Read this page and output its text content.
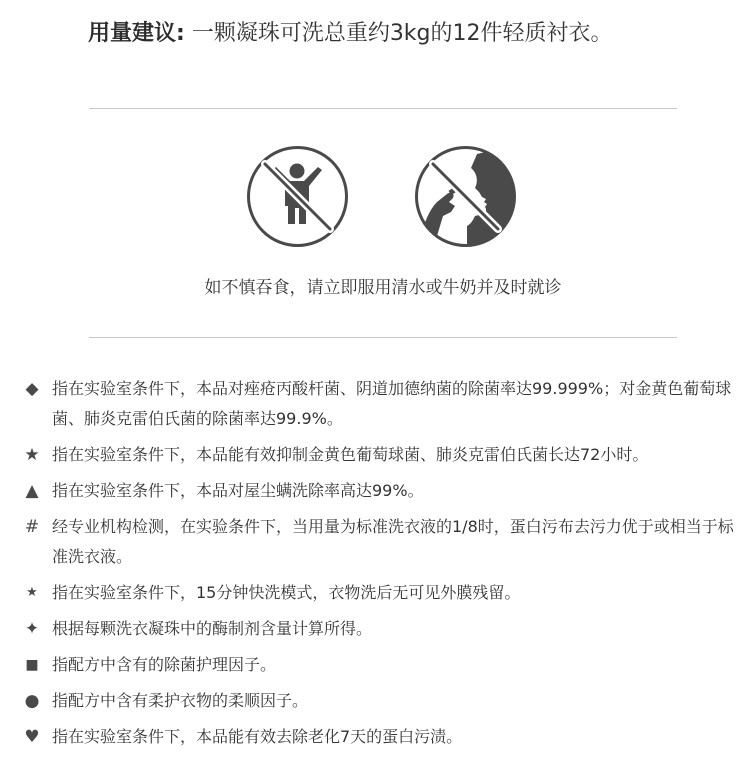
用量建议: 一颗凝珠可洗总重约3kg的12件轻质衬衣。
如不慎吞食，请立即服用清水或牛奶并及时就诊
◆ 指在实验室条件下，本品对痤疮丙酸杆菌、阴道加德纳菌的除菌率达99.999%；对金黄色葡萄球菌、肺炎克雷伯氏菌的除菌率达99.9%。
★ 指在实验室条件下，本品能有效抑制金黄色葡萄球菌、肺炎克雷伯氏菌长达72小时。
▲ 指在实验室条件下，本品对屋尘螨洗除率高达99%。
# 经专业机构检测，在实验条件下，当用量为标准洗衣液的1/8时，蛋白污布去污力优于或相当于标准洗衣液。
★ 指在实验室条件下，15分钟快洗模式，衣物洗后无可见外膜残留。
✦ 根据每颗洗衣凝珠中的酶制剂含量计算所得。
■ 指配方中含有的除菌护理因子。
● 指配方中含有柔护衣物的柔顺因子。
♥ 指在实验室条件下，本品能有效去除老化7天的蛋白污渍。
